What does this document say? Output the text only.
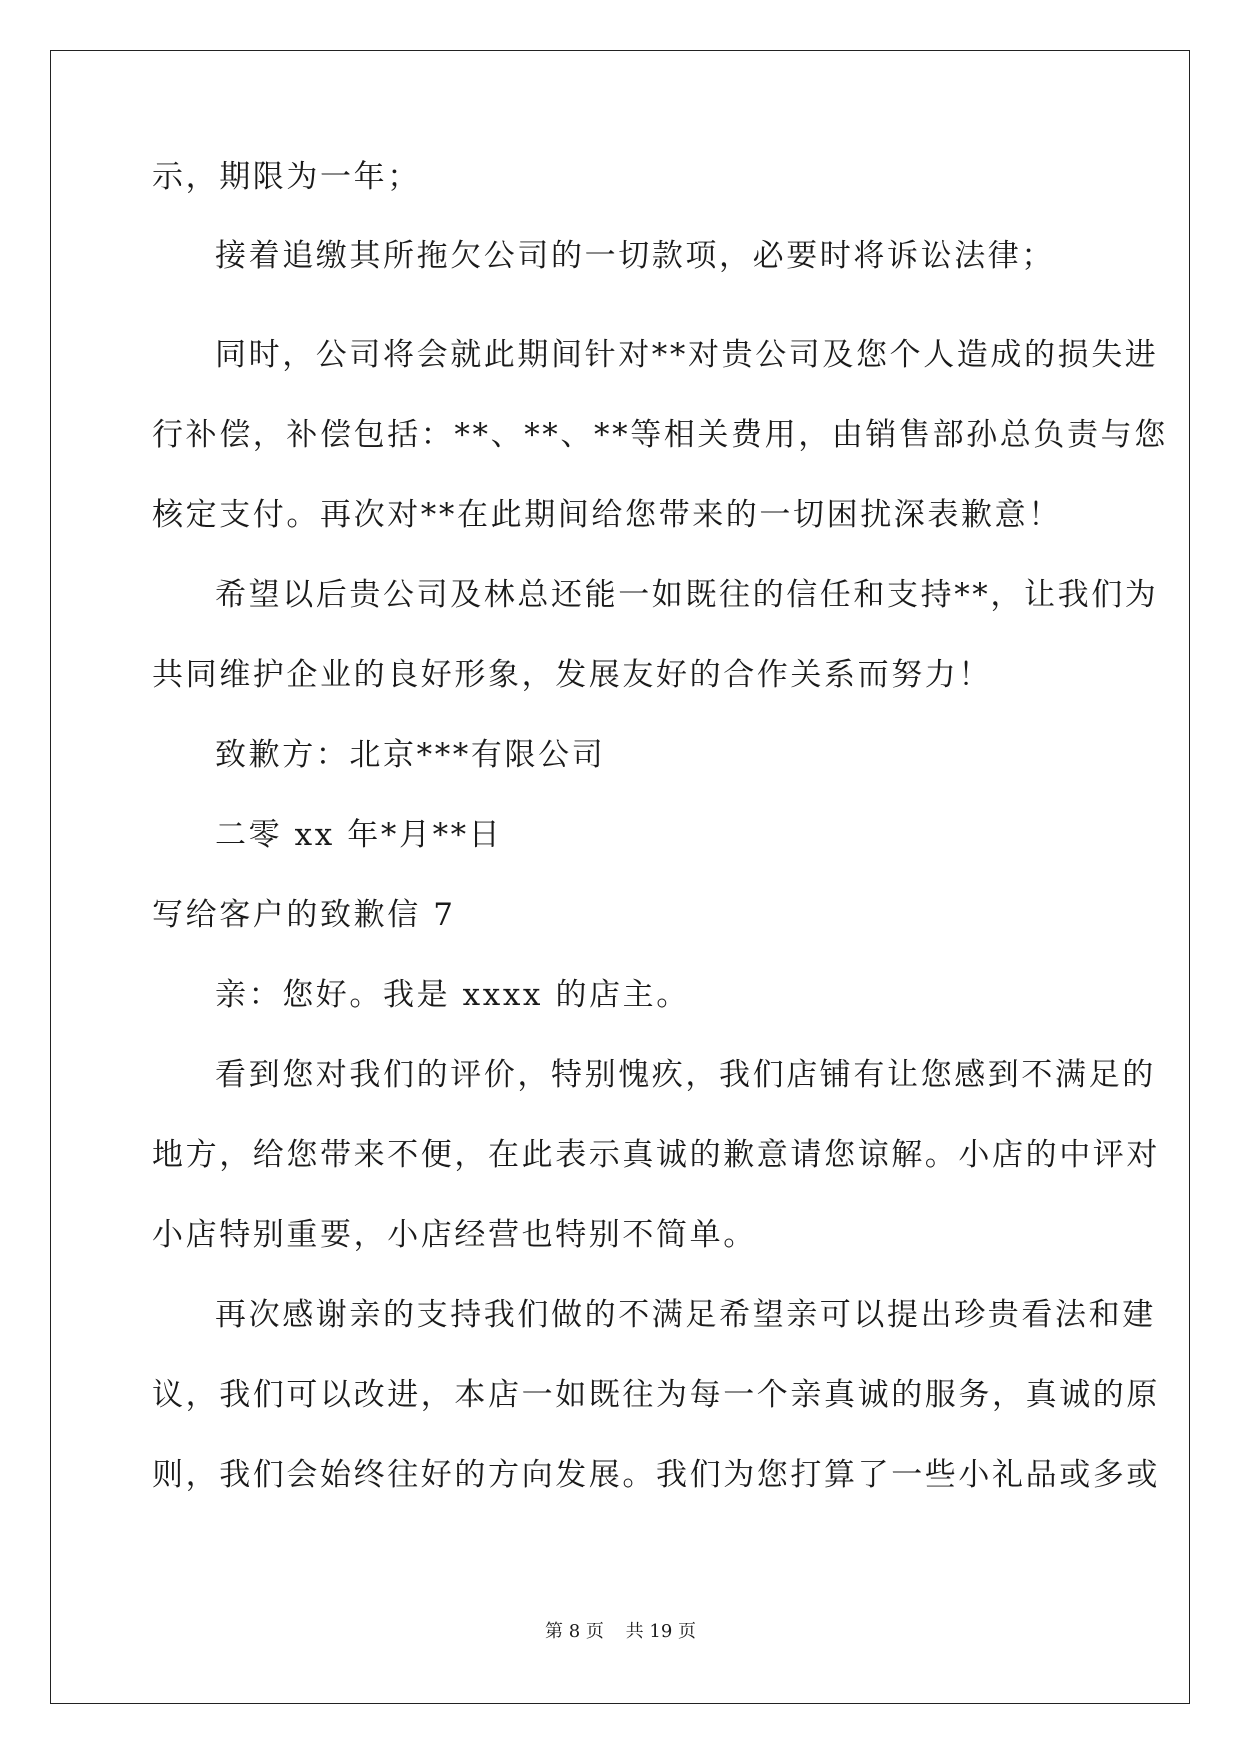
示，期限为一年；
接着追缴其所拖欠公司的一切款项，必要时将诉讼法律；
同时，公司将会就此期间针对**对贵公司及您个人造成的损失进
行补偿，补偿包括：**、**、**等相关费用，由销售部孙总负责与您
核定支付。再次对**在此期间给您带来的一切困扰深表歉意！
希望以后贵公司及林总还能一如既往的信任和支持**，让我们为
共同维护企业的良好形象，发展友好的合作关系而努力！
致歉方：北京***有限公司
二零 xx 年*月**日
写给客户的致歉信 7
亲：您好。我是 xxxx 的店主。
看到您对我们的评价，特别愧疚，我们店铺有让您感到不满足的
地方，给您带来不便，在此表示真诚的歉意请您谅解。小店的中评对
小店特别重要，小店经营也特别不简单。
再次感谢亲的支持我们做的不满足希望亲可以提出珍贵看法和建
议，我们可以改进，本店一如既往为每一个亲真诚的服务，真诚的原
则，我们会始终往好的方向发展。我们为您打算了一些小礼品或多或
第 8 页 共 19 页
